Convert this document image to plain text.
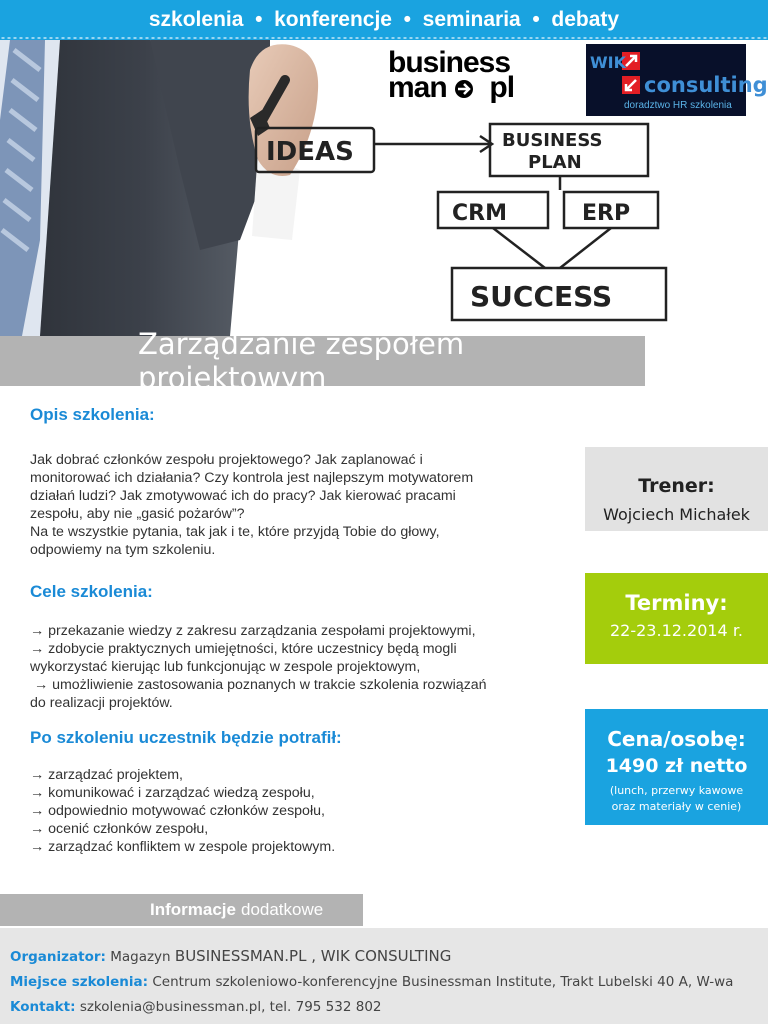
szkolenia  •  konferencje  •  seminaria  •  debaty
IDEAS	BUSINESS
PLAN
CRM	ERP
SUCCESS
business
man pl
WIK
consulting
doradztwo HR szkolenia
Zarządzanie zespołem projektowym
Opis szkolenia:
Jak dobrać członków zespołu projektowego? Jak zaplanować i
monitorować ich działania? Czy kontrola jest najlepszym motywatorem
działań ludzi? Jak zmotywować ich do pracy? Jak kierować pracami
zespołu, aby nie „gasić pożarów”?
Na te wszystkie pytania, tak jak i te, które przyjdą Tobie do głowy,
odpowiemy na tym szkoleniu.
Cele szkolenia:
→ przekazanie wiedzy z zakresu zarządzania zespołami projektowymi,
→ zdobycie praktycznych umiejętności, które uczestnicy będą mogli
wykorzystać kierując lub funkcjonując w zespole projektowym,
→ umożliwienie zastosowania poznanych w trakcie szkolenia rozwiązań
do realizacji projektów.
Po szkoleniu uczestnik będzie potrafił:
→ zarządzać projektem,
→ komunikować i zarządzać wiedzą zespołu,
→ odpowiednio motywować członków zespołu,
→ ocenić członków zespołu,
→ zarządzać konfliktem w zespole projektowym.
Trener:
Wojciech Michałek
Terminy:
22-23.12.2014 r.
Cena/osobę:
1490 zł netto
(lunch, przerwy kawowe
oraz materiały w cenie)
Informacje dodatkowe
Organizator: Magazyn BUSINESSMAN.PL , WIK CONSULTING
Miejsce szkolenia: Centrum szkoleniowo-konferencyjne Businessman Institute, Trakt Lubelski 40 A, W-wa
Kontakt: szkolenia@businessman.pl, tel. 795 532 802
